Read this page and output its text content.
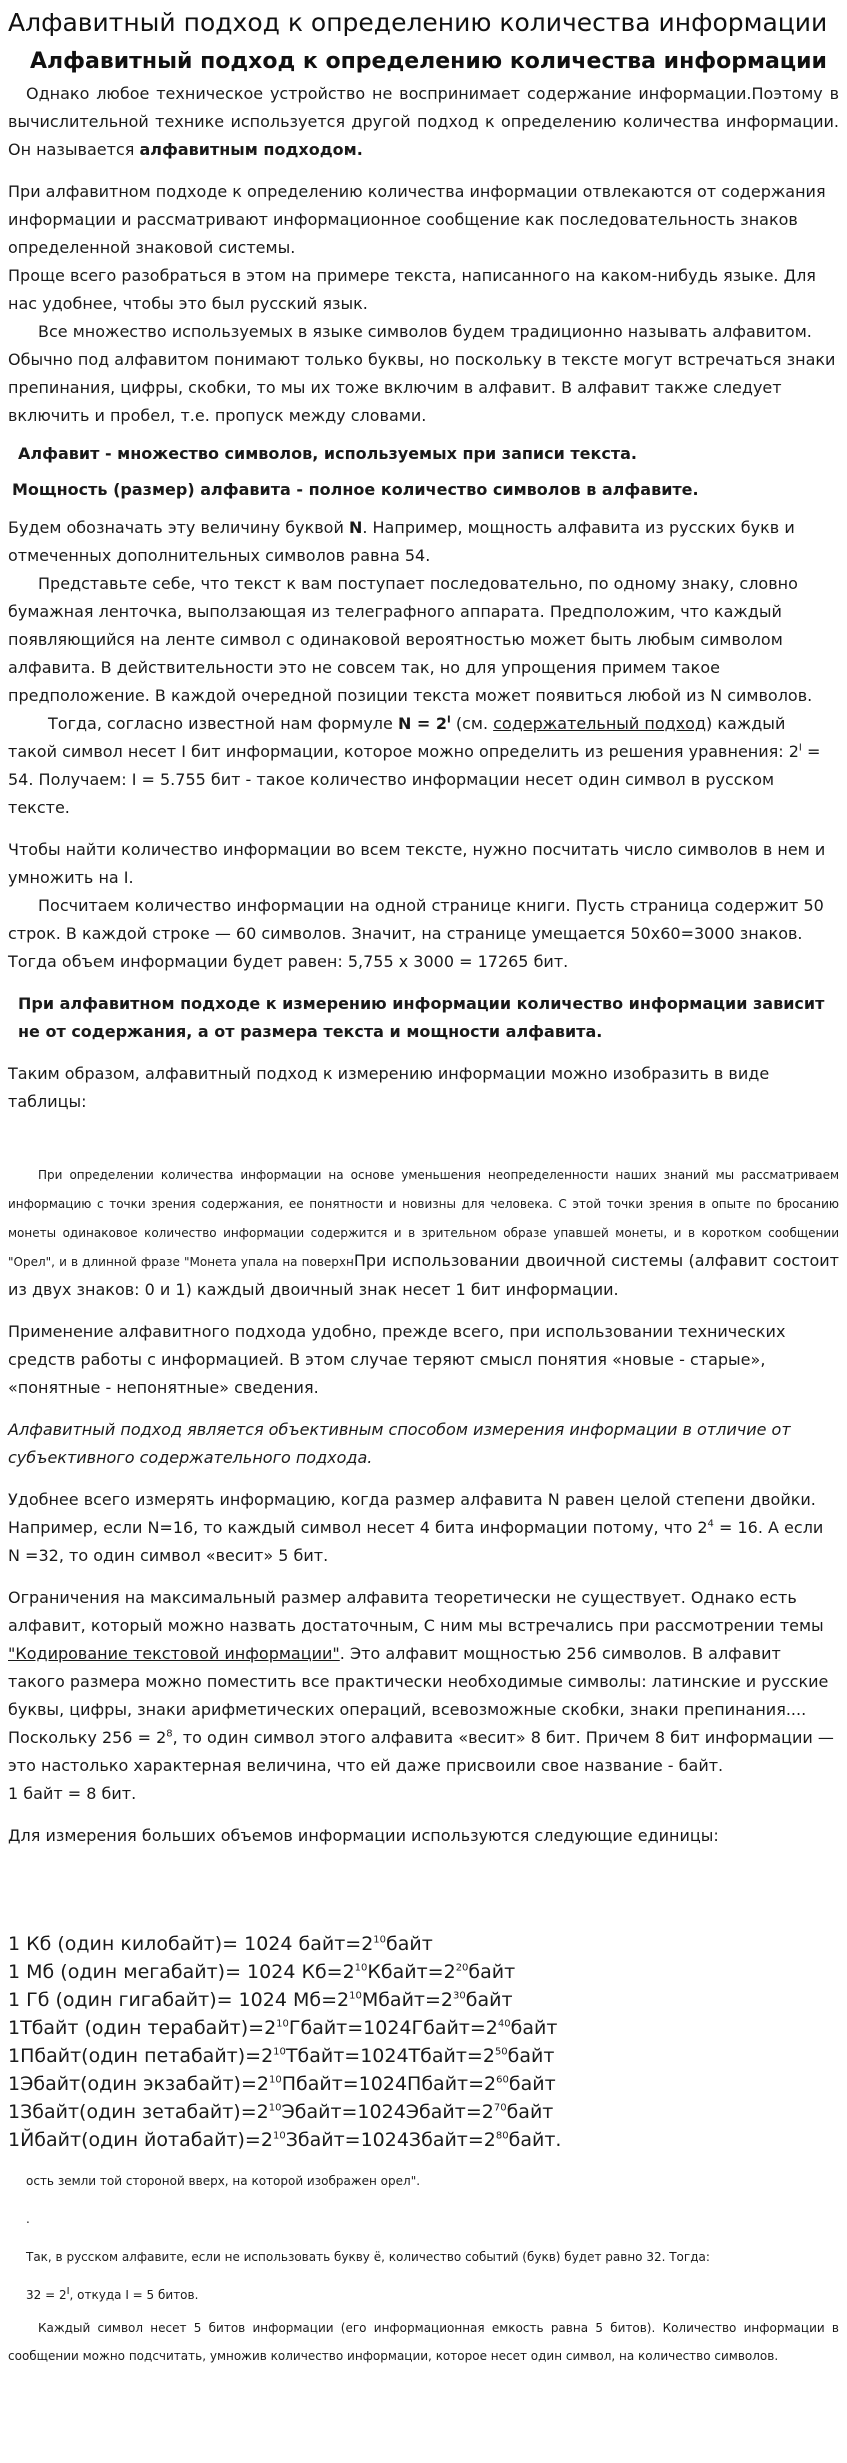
Алфавитный подход к определению количества информации
Алфавитный подход к определению количества информации

Однако любое техническое устройство не воспринимает содержание информации.Поэтому в вычислительной технике используется другой подход к определению количества информации. Он называется алфавитным подходом.

При алфавитном подходе к определению количества информации отвлекаются от содержания информации и рассматривают информационное сообщение как последовательность знаков определенной знаковой системы.

Проще всего разобраться в этом на примере текста, написанного на каком-нибудь языке. Для нас удобнее, чтобы это был русский язык.

Все множество используемых в языке символов будем традиционно называть алфавитом. Обычно под алфавитом понимают только буквы, но поскольку в тексте могут встречаться знаки препинания, цифры, скобки, то мы их тоже включим в алфавит. В алфавит также следует включить и пробел, т.е. пропуск между словами.

Алфавит - множество символов, используемых при записи текста.

Мощность (размер) алфавита - полное количество символов в алфавите.

Будем обозначать эту величину буквой N. Например, мощность алфавита из русских букв и отмеченных дополнительных символов равна 54.

Представьте себе, что текст к вам поступает последовательно, по одному знаку, словно бумажная ленточка, выползающая из телеграфного аппарата. Предположим, что каждый появляющийся на ленте символ с одинаковой вероятностью может быть любым символом алфавита. В действительности это не совсем так, но для упрощения примем такое предположение. В каждой очередной позиции текста может появиться любой из N символов.Тогда, согласно известной нам формуле $N = 2^I$ (см. содержательный подход) каждый такой символ несет I бит информации, которое можно определить из решения уравнения: $2^I = 54$. Получаем: I = 5.755 бит - такое количество информации несет один символ в русском тексте.

Чтобы найти количество информации во всем тексте, нужно посчитать число символов в нем и умножить на I.

Посчитаем количество информации на одной странице книги. Пусть страница содержит 50 строк. В каждой строке — 60 символов. Значит, на странице умещается 50х60=3000 знаков. Тогда объем информации будет равен: 5,755 х 3000 = 17265 бит.

При алфавитном подходе к измерению информации количество информации зависит не от содержания, а от размера текста и мощности алфавита.

Таким образом, алфавитный подход к измерению информации можно изобразить в виде таблицы:

При определении количества информации на основе уменьшения неопределенности наших знаний мы рассматриваем информацию с точки зрения содержания, ее понятности и новизны для человека. С этой точки зрения в опыте по бросанию монеты одинаковое количество информации содержится и в зрительном образе упавшей монеты, и в коротком сообщении "Орел", и в длинной фразе "Монета упала на поверхнПри использовании двоичной системы (алфавит состоит из двух знаков: 0 и 1) каждый двоичный знак несет 1 бит информации.

Применение алфавитного подхода удобно, прежде всего, при использовании технических средств работы с информацией. В этом случае теряют смысл понятия «новые - старые», «понятные - непонятные» сведения.

Алфавитный подход является объективным способом измерения информации в отличие от субъективного содержательного подхода.

Удобнее всего измерять информацию, когда размер алфавита N равен целой степени двойки. Например, если N=16, то каждый символ несет 4 бита информации потому, что $2^4 = 16$. А если N =32, то один символ «весит» 5 бит.

Ограничения на максимальный размер алфавита теоретически не существует. Однако есть алфавит, который можно назвать достаточным, С ним мы встречались при рассмотрении темы "Кодирование текстовой информации". Это алфавит мощностью 256 символов. В алфавит такого размера можно поместить все практически необходимые символы: латинские и русские буквы, цифры, знаки арифметических операций, всевозможные скобки, знаки препинания.... Поскольку $256 = 2^8$, то один символ этого алфавита «весит» 8 бит. Причем 8 бит информации — это настолько характерная величина, что ей даже присвоили свое название - байт.

1 байт = 8 бит.

Для измерения больших объемов информации используются следующие единицы:

1 Кб (один килобайт)= 1024 $байт=2^{10}байт$

1 Мб (один мегабайт)= 1024 $Кб=2^{10}Кбайт=2^{20}байт$

1 Гб (один гигабайт)= 1024 $Мб=2^{10}Мбайт=2^{30}байт$

1Тбайт (один $терабайт)=2^{10}Гбайт=1024Гбайт=2^{40}байт$

1Пбайт(один $петабайт)=2^{10}Тбайт=1024Тбайт=2^{50}байт$

1Эбайт(один $экзабайт)=2^{10}Пбайт=1024Пбайт=2^{60}байт$

1Збайт(один $зетабайт)=2^{10}Эбайт=1024Эбайт=2^{70}байт$

1Йбайт(один $йотабайт)=2^{10}Збайт=1024Збайт=2^{80}байт$.

ость земли той стороной вверх, на которой изображен орел".

.

Так, в русском алфавите, если не использовать букву ё, количество событий (букв) будет равно 32. Тогда:

$32 = 2^I$, откуда I = 5 битов.

Каждый символ несет 5 битов информации (его информационная емкость равна 5 битов). Количество информации в сообщении можно подсчитать, умножив количество информации, которое несет один символ, на количество символов.
